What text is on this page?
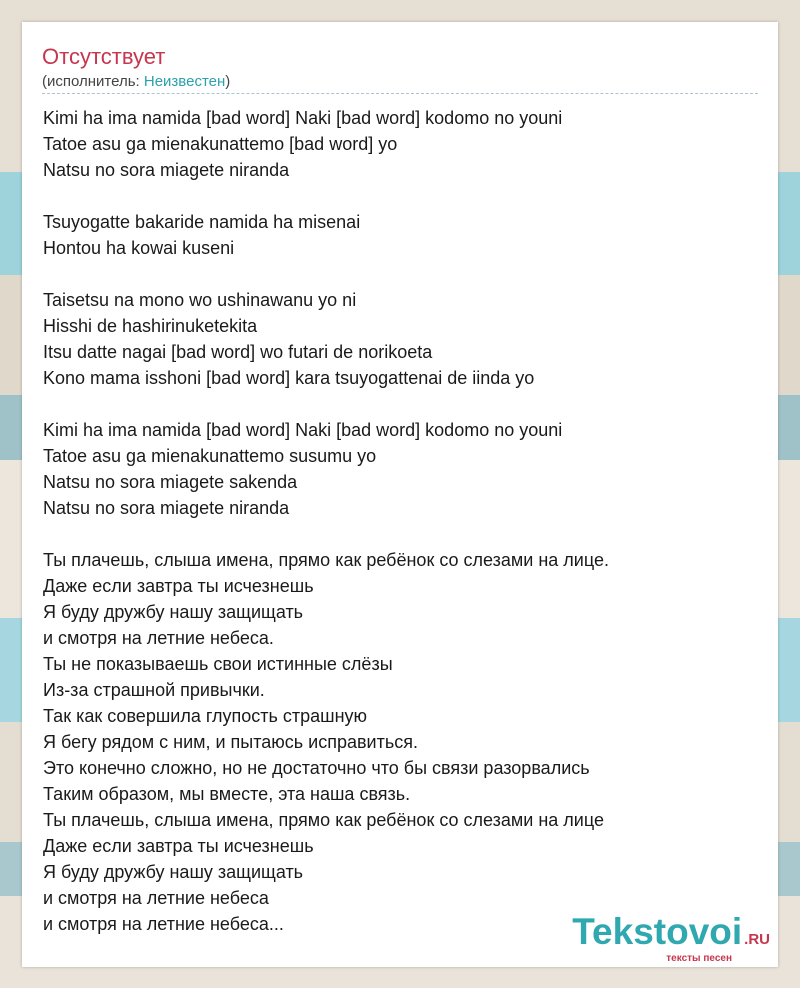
Отсутствует
(исполнитель: Неизвестен)
Kimi ha ima namida [bad word] Naki [bad word] kodomo no youni
Tatoe asu ga mienakunattemo [bad word] yo
Natsu no sora miagete niranda
Tsuyogatte bakaride namida ha misenai
Hontou ha kowai kuseni
Taisetsu na mono wo ushinawanu yo ni
Hisshi de hashirinuketekita
Itsu datte nagai [bad word] wo futari de norikoeta
Kono mama isshoni [bad word] kara tsuyogattenai de iinda yo
Kimi ha ima namida [bad word] Naki [bad word] kodomo no youni
Tatoe asu ga mienakunattemo susumu yo
Natsu no sora miagete sakenda
Natsu no sora miagete niranda
Ты плачешь, слыша имена, прямо как ребёнок со слезами на лице.
Даже если завтра ты исчезнешь
Я буду дружбу нашу защищать
и смотря на летние небеса.
Ты не показываешь свои истинные слёзы
Из-за страшной привычки.
Так как совершила глупость страшную
Я бегу рядом с ним, и пытаюсь исправиться.
Это конечно сложно, но не достаточно что бы связи разорвались
Таким образом, мы вместе, эта наша связь.
Ты плачешь, слыша имена, прямо как ребёнок со слезами на лице
Даже если завтра ты исчезнешь
Я буду дружбу нашу защищать
и смотря на летние небеса
и смотря на летние небеса...	Tekstovoi .RU
тексты песен
